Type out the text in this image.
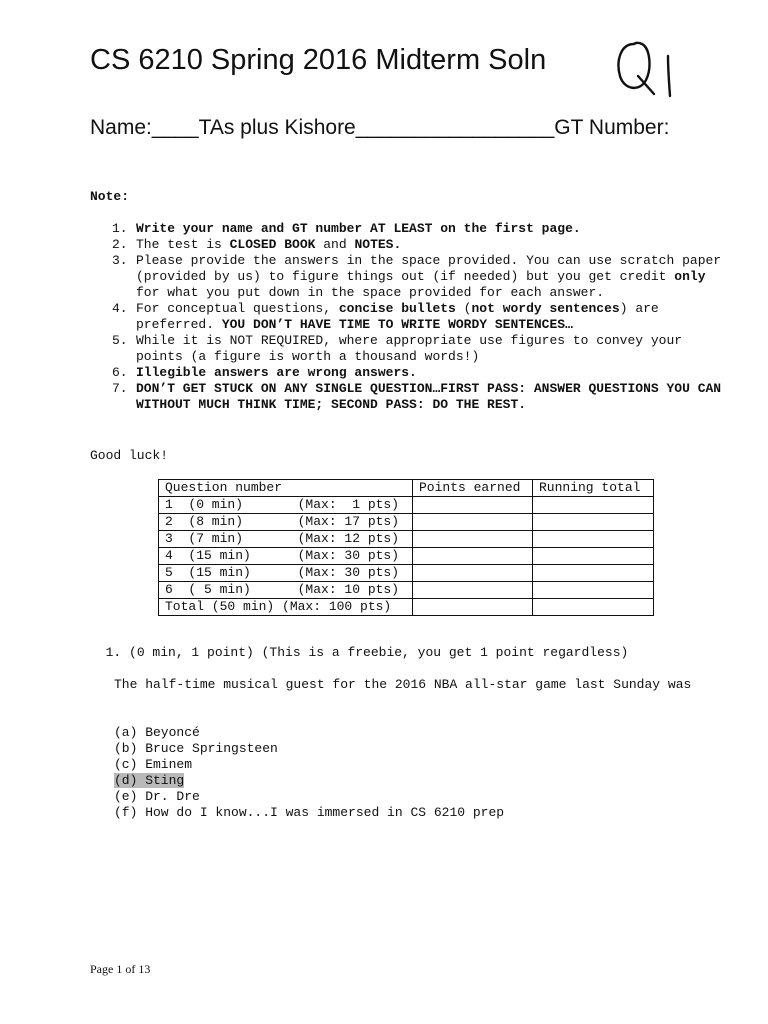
CS 6210 Spring 2016 Midterm Soln
Name:____TAs plus Kishore_________________GT Number:
Note:
1. Write your name and GT number AT LEAST on the first page.
2. The test is CLOSED BOOK and NOTES.
3. Please provide the answers in the space provided. You can use scratch paper (provided by us) to figure things out (if needed) but you get credit only for what you put down in the space provided for each answer.
4. For conceptual questions, concise bullets (not wordy sentences) are preferred. YOU DON’T HAVE TIME TO WRITE WORDY SENTENCES…
5. While it is NOT REQUIRED, where appropriate use figures to convey your points (a figure is worth a thousand words!)
6. Illegible answers are wrong answers.
7. DON’T GET STUCK ON ANY SINGLE QUESTION…FIRST PASS: ANSWER QUESTIONS YOU CAN WITHOUT MUCH THINK TIME; SECOND PASS: DO THE REST.
Good luck!
Question number	Points earned	Running total
1  (0 min)       (Max:  1 pts)		
2  (8 min)       (Max: 17 pts)		
3  (7 min)       (Max: 12 pts)		
4  (15 min)      (Max: 30 pts)		
5  (15 min)      (Max: 30 pts)		
6  ( 5 min)      (Max: 10 pts)		
Total (50 min) (Max: 100 pts)		

1. (0 min, 1 point) (This is a freebie, you get 1 point regardless)

The half-time musical guest for the 2016 NBA all-star game last Sunday was

(a) Beyoncé
(b) Bruce Springsteen
(c) Eminem
(d) Sting
(e) Dr. Dre
(f) How do I know...I was immersed in CS 6210 prep

Page 1 of 13
